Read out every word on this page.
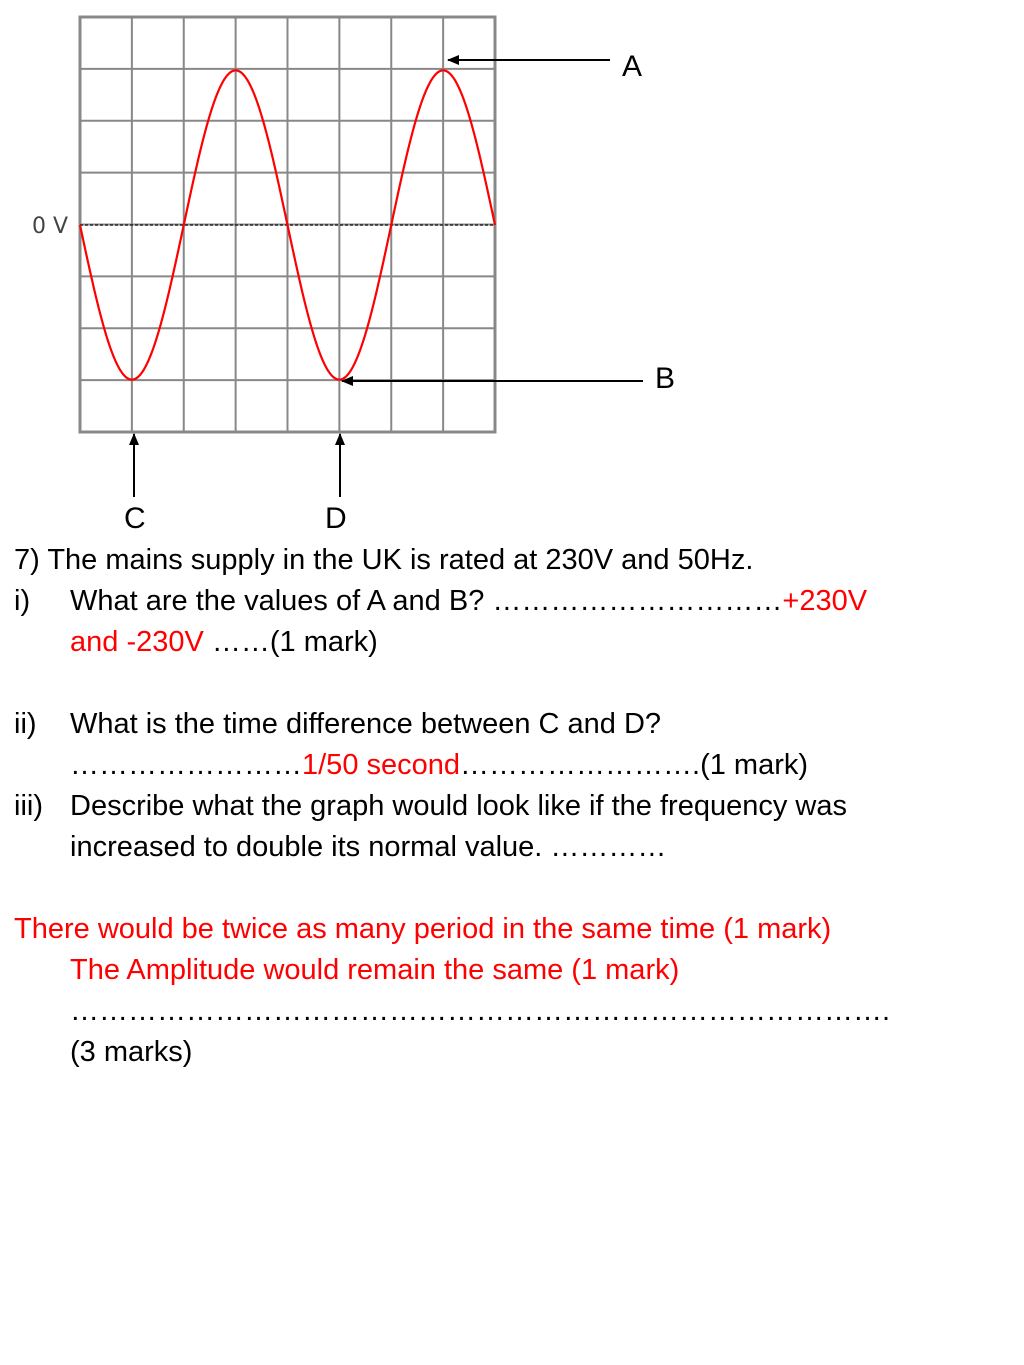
0 V
A
B
C	D
7) The mains supply in the UK is rated at 230V and 50Hz.
i)	What are the values of A and B? …………………………+230V
and -230V ……(1 mark)
ii)	What is the time difference between C and D?
……………………1/50 second…………………….(1 mark)
iii) Describe what the graph would look like if the frequency was
increased to double its normal value. …………
There would be twice as many period in the same time (1 mark)
The Amplitude would remain the same (1 mark)
………………………………………………………………………….
(3 marks)
